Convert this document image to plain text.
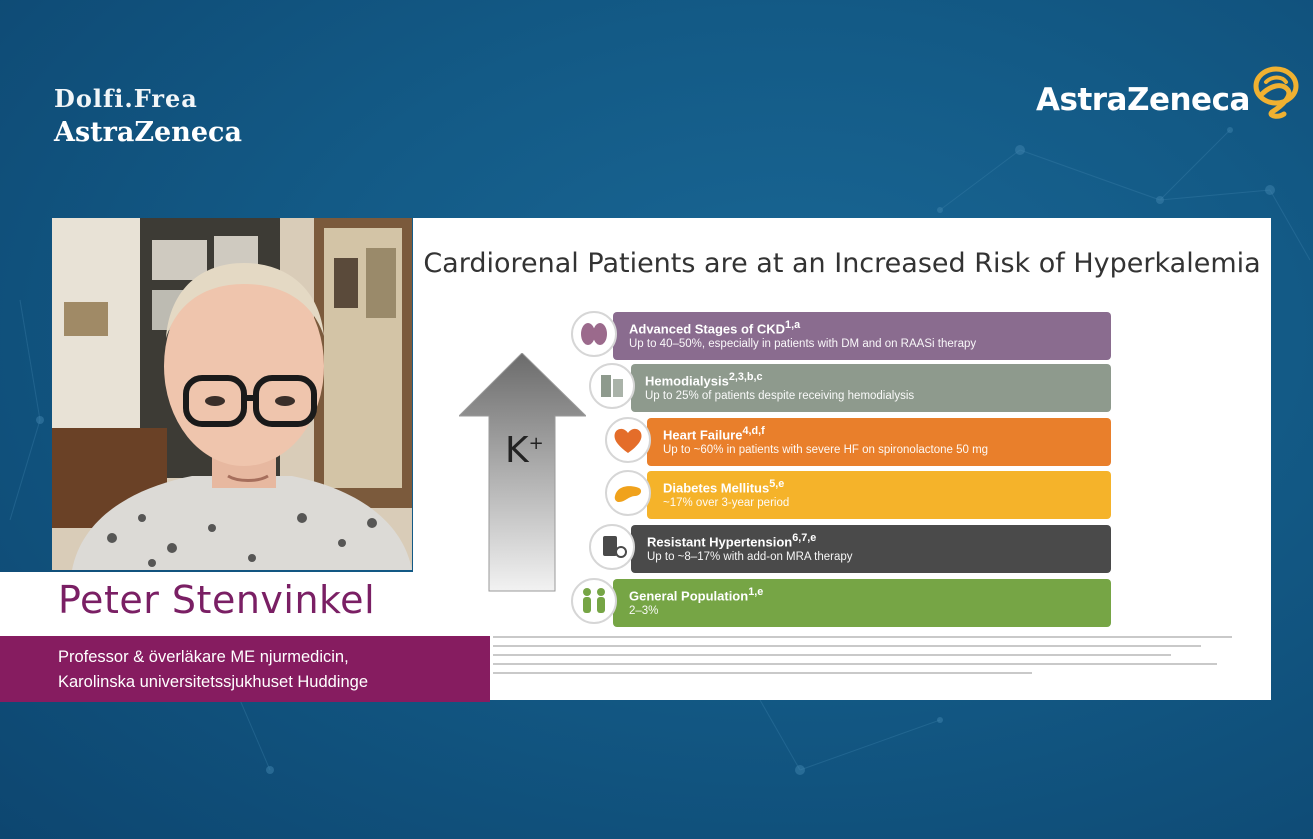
Dolfi.Frea
AstraZeneca
AstraZeneca
Cardiorenal Patients are at an Increased Risk of Hyperkalemia
K+
Advanced Stages of CKD$^{1,a}$
Up to 40–50%, especially in patients with DM and on RAASi therapy
Hemodialysis$^{2,3,b,c}$
Up to 25% of patients despite receiving hemodialysis
Heart Failure$^{4,d,f}$
Up to ~60% in patients with severe HF on spironolactone 50 mg
Diabetes Mellitus$^{5,e}$
~17% over 3-year period
Resistant Hypertension$^{6,7,e}$
Up to ~8–17% with add-on MRA therapy
General Population$^{1,e}$
2–3%
Peter Stenvinkel
Professor & överläkare ME njurmedicin,
Karolinska universitetssjukhuset Huddinge
